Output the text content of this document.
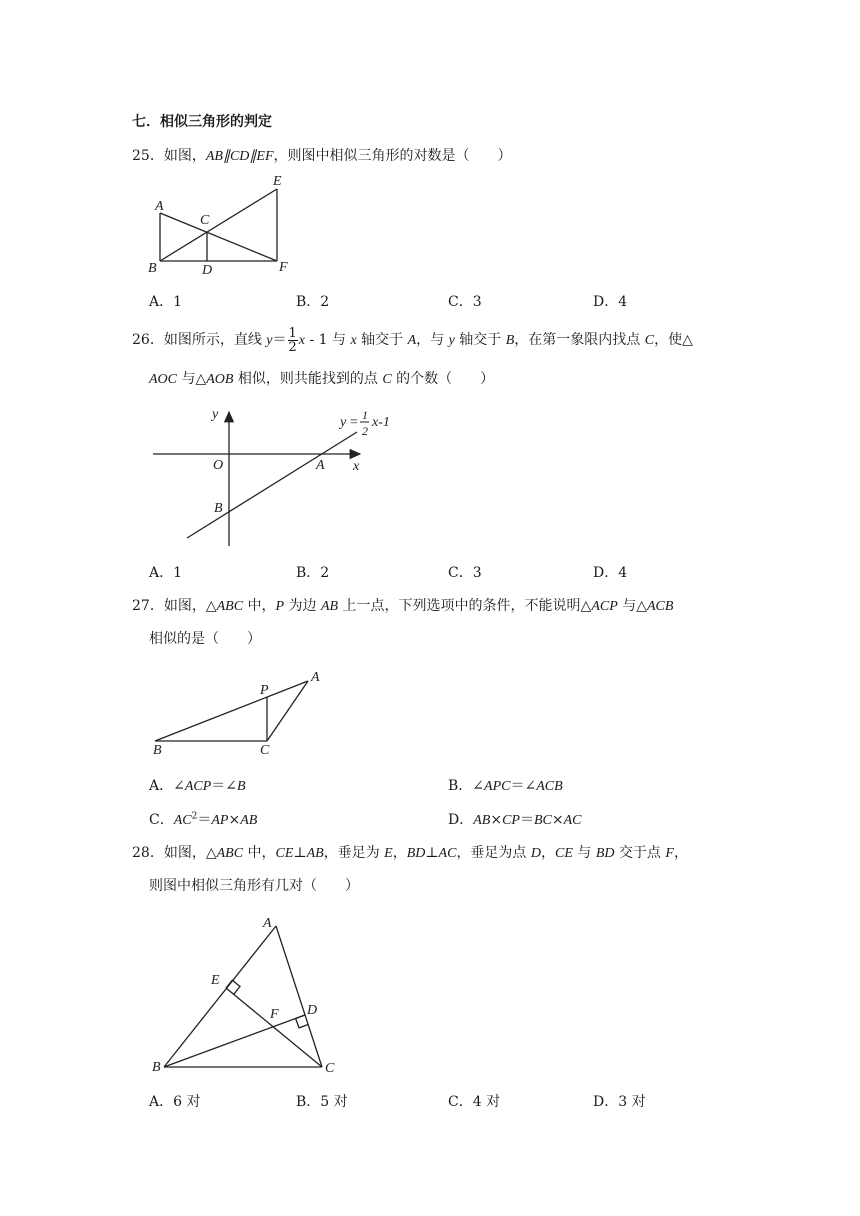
七．相似三角形的判定
25．如图，AB∥CD∥EF，则图中相似三角形的对数是（　　）
A
B
C
D
E
F
A．1	B．2	C．3	D．4
26．如图所示，直线 $y= \frac{1}{2}$ x - 1 与 x 轴交于 A，与 y 轴交于 B，在第一象限内找点 C，使△
AOC 与△AOB 相似，则共能找到的点 C 的个数（　　）
y
x
O	A
B
y = 1
2
x-1
A．1	B．2	C．3	D．4
27．如图，△ABC 中，P 为边 AB 上一点，下列选项中的条件，不能说明△ACP 与△ACB
相似的是（　　）
A
B	C
P
A．∠ACP＝∠B	B．∠APC＝∠ACB
C．$AC^2=AP\times AB$	D．AB×CP＝BC×AC
28．如图，△ABC 中，CE⊥AB，垂足为 E，BD⊥AC，垂足为点 D，CE 与 BD 交于点 F，
则图中相似三角形有几对（　　）
A
B	C
D
E
F
A．6 对	B．5 对	C．4 对	D．3 对
